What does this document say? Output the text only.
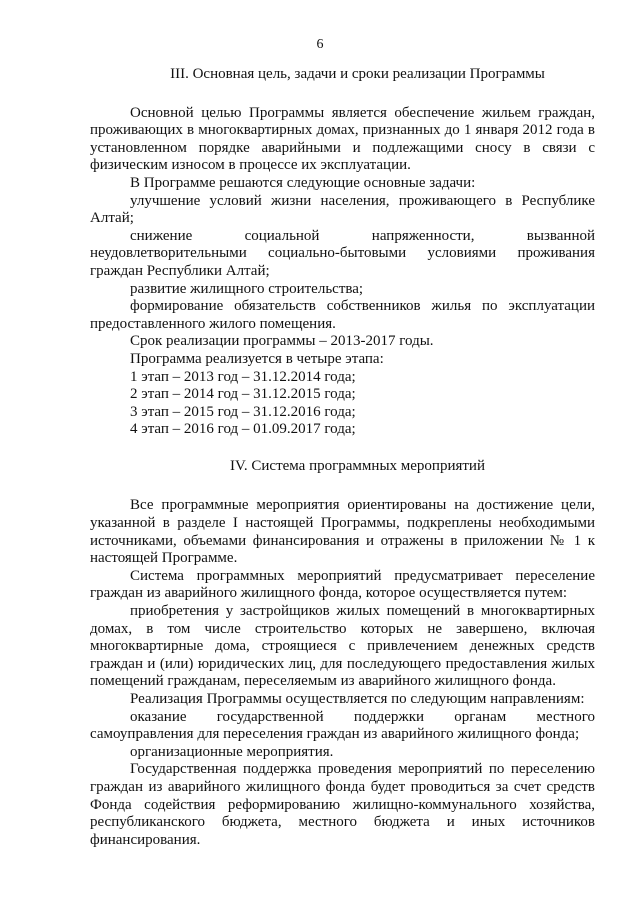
6

III. Основная цель, задачи и сроки реализации Программы

Основной целью Программы является обеспечение жильем граждан, проживающих в многоквартирных домах, признанных до 1 января 2012 года в установленном порядке аварийными и подлежащими сносу в связи с физическим износом в процессе их эксплуатации.

В Программе решаются следующие основные задачи:

улучшение условий жизни населения, проживающего в Республике Алтай;

снижение социальной напряженности, вызванной неудовлетворительными социально-бытовыми условиями проживания граждан Республики Алтай;

развитие жилищного строительства;

формирование обязательств собственников жилья по эксплуатации предоставленного жилого помещения.

Срок реализации программы – 2013-2017 годы.

Программа реализуется в четыре этапа:

1 этап – 2013 год – 31.12.2014 года;

2 этап – 2014 год – 31.12.2015 года;

3 этап – 2015 год – 31.12.2016 года;

4 этап – 2016 год – 01.09.2017 года;

IV. Система программных мероприятий

Все программные мероприятия ориентированы на достижение цели, указанной в разделе I настоящей Программы, подкреплены необходимыми источниками, объемами финансирования и отражены в приложении № 1 к настоящей Программе.

Система программных мероприятий предусматривает переселение граждан из аварийного жилищного фонда, которое осуществляется путем:

приобретения у застройщиков жилых помещений в многоквартирных домах, в том числе строительство которых не завершено, включая многоквартирные дома, строящиеся с привлечением денежных средств граждан и (или) юридических лиц, для последующего предоставления жилых помещений гражданам, переселяемым из аварийного жилищного фонда.

Реализация Программы осуществляется по следующим направлениям:

оказание государственной поддержки органам местного самоуправления для переселения граждан из аварийного жилищного фонда;

организационные мероприятия.

Государственная поддержка проведения мероприятий по переселению граждан из аварийного жилищного фонда будет проводиться за счет средств Фонда содействия реформированию жилищно-коммунального хозяйства, республиканского бюджета, местного бюджета и иных источников финансирования.
